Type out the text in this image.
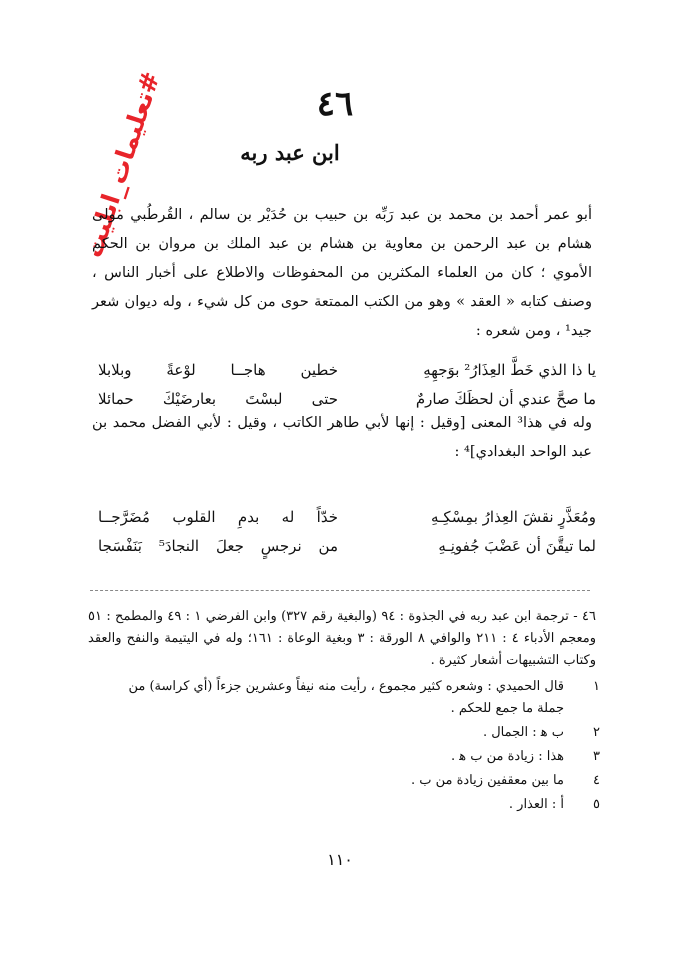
#تعليمات_ابليت	٤٦
ابن عبد ربه
أبو عمر أحمد بن محمد بن عبد رَبِّه بن حبيب بن حُدَيْر بن سالم ، القُرطُبي مولى هشام بن عبد الرحمن بن معاوية بن هشام بن عبد الملك بن مروان بن الحكم الأموي ؛ كان من العلماء المكثرين من المحفوظات والاطلاع على أخبار الناس ، وصنف كتابه « العقد » وهو من الكتب الممتعة حوى من كل شيء ، وله ديوان شعر جيد¹ ، ومن شعره :
يا ذا الذي خَطَّ العِذَارُ² بوَجهِهِ
خطين هاجــا لوْعةً وبلابلا
ما صحَّ عندي أن لحظَكَ صارمٌ
حتى لبسْتَ بعارضَيْكَ حمائلا
وله في هذا³ المعنى [وقيل : إنها لأبي طاهر الكاتب ، وقيل : لأبي الفضل محمد بن عبد الواحد البغدادي]⁴ :
ومُعَذَّرٍ نقشَ العِذارُ بمِسْكِـهِ
خدّاً له بدمِ القلوب مُضَرَّجــا
لما تيقَّنَ أن عَضْبَ جُفونِـهِ
من نرجسٍ جعلَ النجادَ⁵ بَنَفْسَجا
٤٦ - ترجمة ابن عبد ربه في الجذوة : ٩٤ (والبغية رقم ٣٢٧) وابن الفرضي ١ : ٤٩ والمطمح : ٥١ ومعجم الأدباء ٤ : ٢١١ والوافي ٨ الورقة : ٣ وبغية الوعاة : ١٦١؛ وله في اليتيمة والنفح والعقد وكتاب التشبيهات أشعار كثيرة .
١
قال الحميدي : وشعره كثير مجموع ، رأيت منه نيفاً وعشرين جزءاً (أي كراسة) من جملة ما جمع للحكم .
٢
ب ﻫ : الجمال .
٣
هذا : زيادة من ب ﻫ .
٤
ما بين معقفين زيادة من ب .
٥
أ : العذار .
١١٠
